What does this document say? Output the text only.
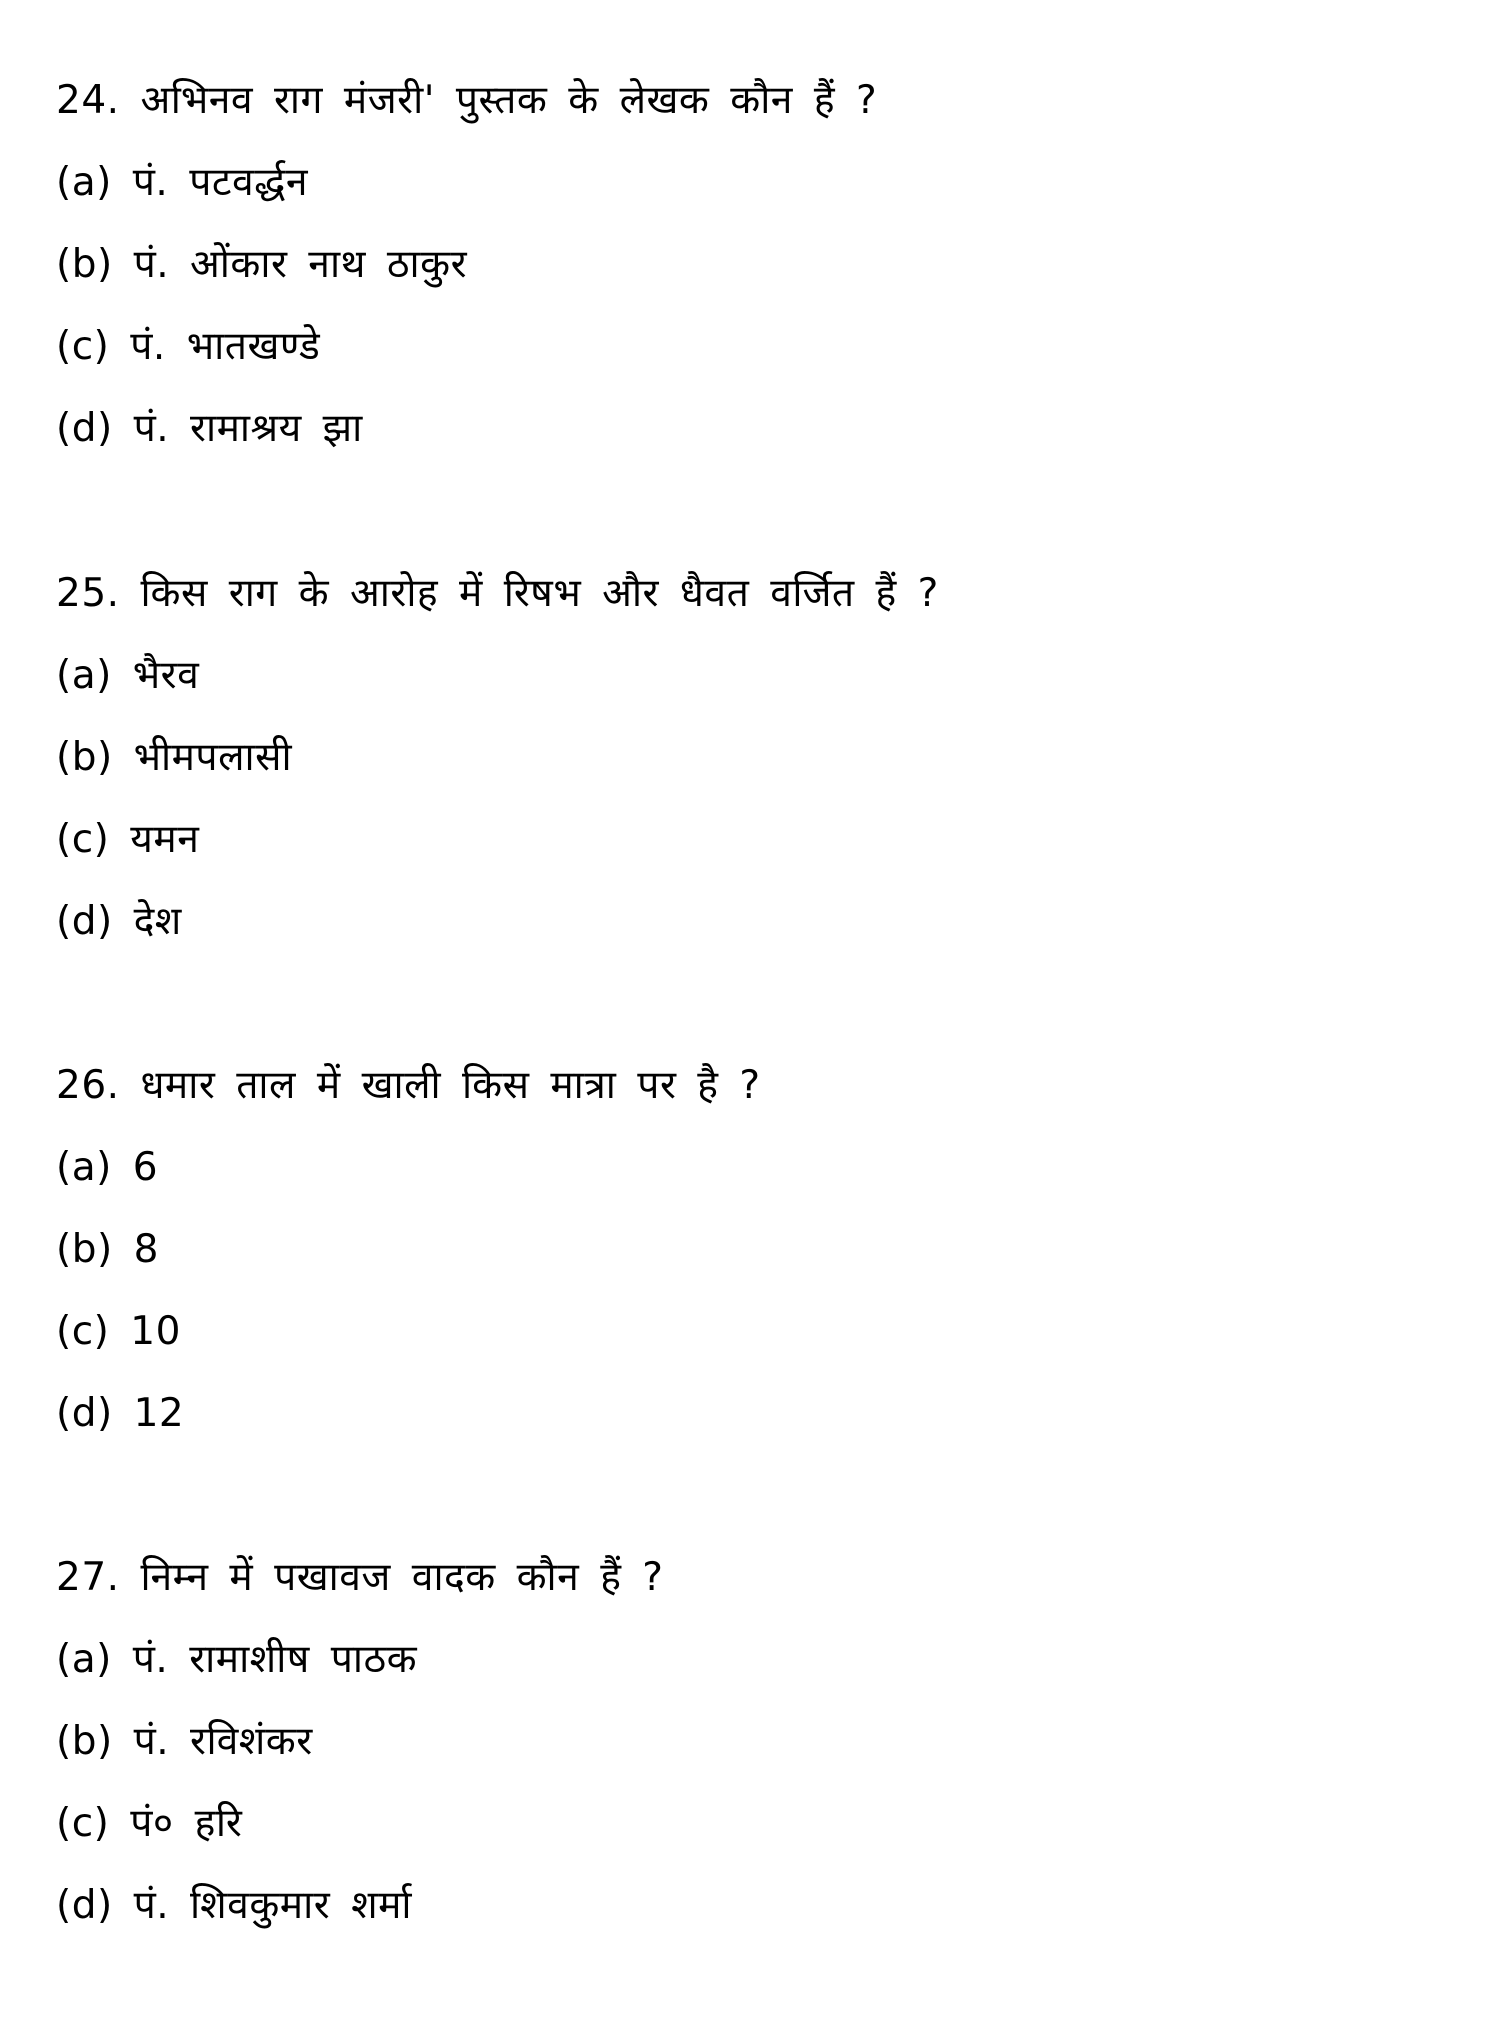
24. अभिनव राग मंजरी' पुस्तक के लेखक कौन हैं ?
(a) पं. पटवर्द्धन
(b) पं. ओंकार नाथ ठाकुर
(c) पं. भातखण्डे
(d) पं. रामाश्रय झा
25. किस राग के आरोह में रिषभ और धैवत वर्जित हैं ?
(a) भैरव
(b) भीमपलासी
(c) यमन
(d) देश
26. धमार ताल में खाली किस मात्रा पर है ?
(a) 6
(b) 8
(c) 10
(d) 12
27. निम्न में पखावज वादक कौन हैं ?
(a) पं. रामाशीष पाठक
(b) पं. रविशंकर
(c) पं० हरि
(d) पं. शिवकुमार शर्मा
